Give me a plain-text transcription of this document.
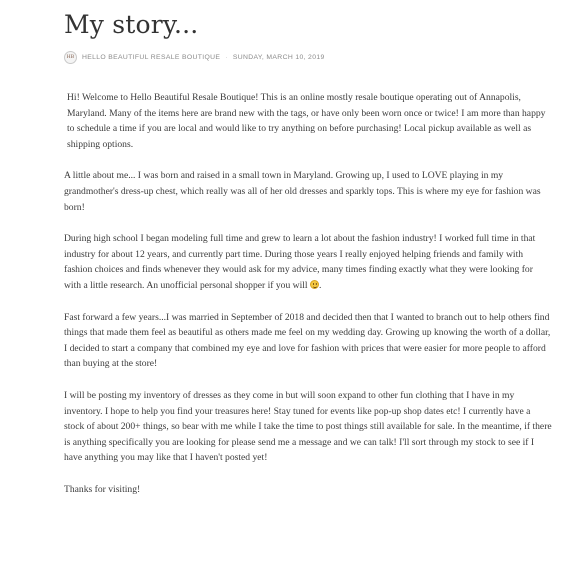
My story...
HB HELLO BEAUTIFUL RESALE BOUTIQUE · SUNDAY, MARCH 10, 2019

Hi! Welcome to Hello Beautiful Resale Boutique! This is an online mostly resale boutique operating out of Annapolis, Maryland. Many of the items here are brand new with the tags, or have only been worn once or twice! I am more than happy to schedule a time if you are local and would like to try anything on before purchasing! Local pickup available as well as shipping options.

A little about me... I was born and raised in a small town in Maryland. Growing up, I used to LOVE playing in my grandmother's dress-up chest, which really was all of her old dresses and sparkly tops. This is where my eye for fashion was born!

During high school I began modeling full time and grew to learn a lot about the fashion industry! I worked full time in that industry for about 12 years, and currently part time. During those years I really enjoyed helping friends and family with fashion choices and finds whenever they would ask for my advice, many times finding exactly what they were looking for with a little research. An unofficial personal shopper if you will .

Fast forward a few years...I was married in September of 2018 and decided then that I wanted to branch out to help others find things that made them feel as beautiful as others made me feel on my wedding day. Growing up knowing the worth of a dollar, I decided to start a company that combined my eye and love for fashion with prices that were easier for more people to afford than buying at the store!

I will be posting my inventory of dresses as they come in but will soon expand to other fun clothing that I have in my inventory. I hope to help you find your treasures here! Stay tuned for events like pop-up shop dates etc! I currently have a stock of about 200+ things, so bear with me while I take the time to post things still available for sale. In the meantime, if there is anything specifically you are looking for please send me a message and we can talk! I'll sort through my stock to see if I have anything you may like that I haven't posted yet!

Thanks for visiting!
